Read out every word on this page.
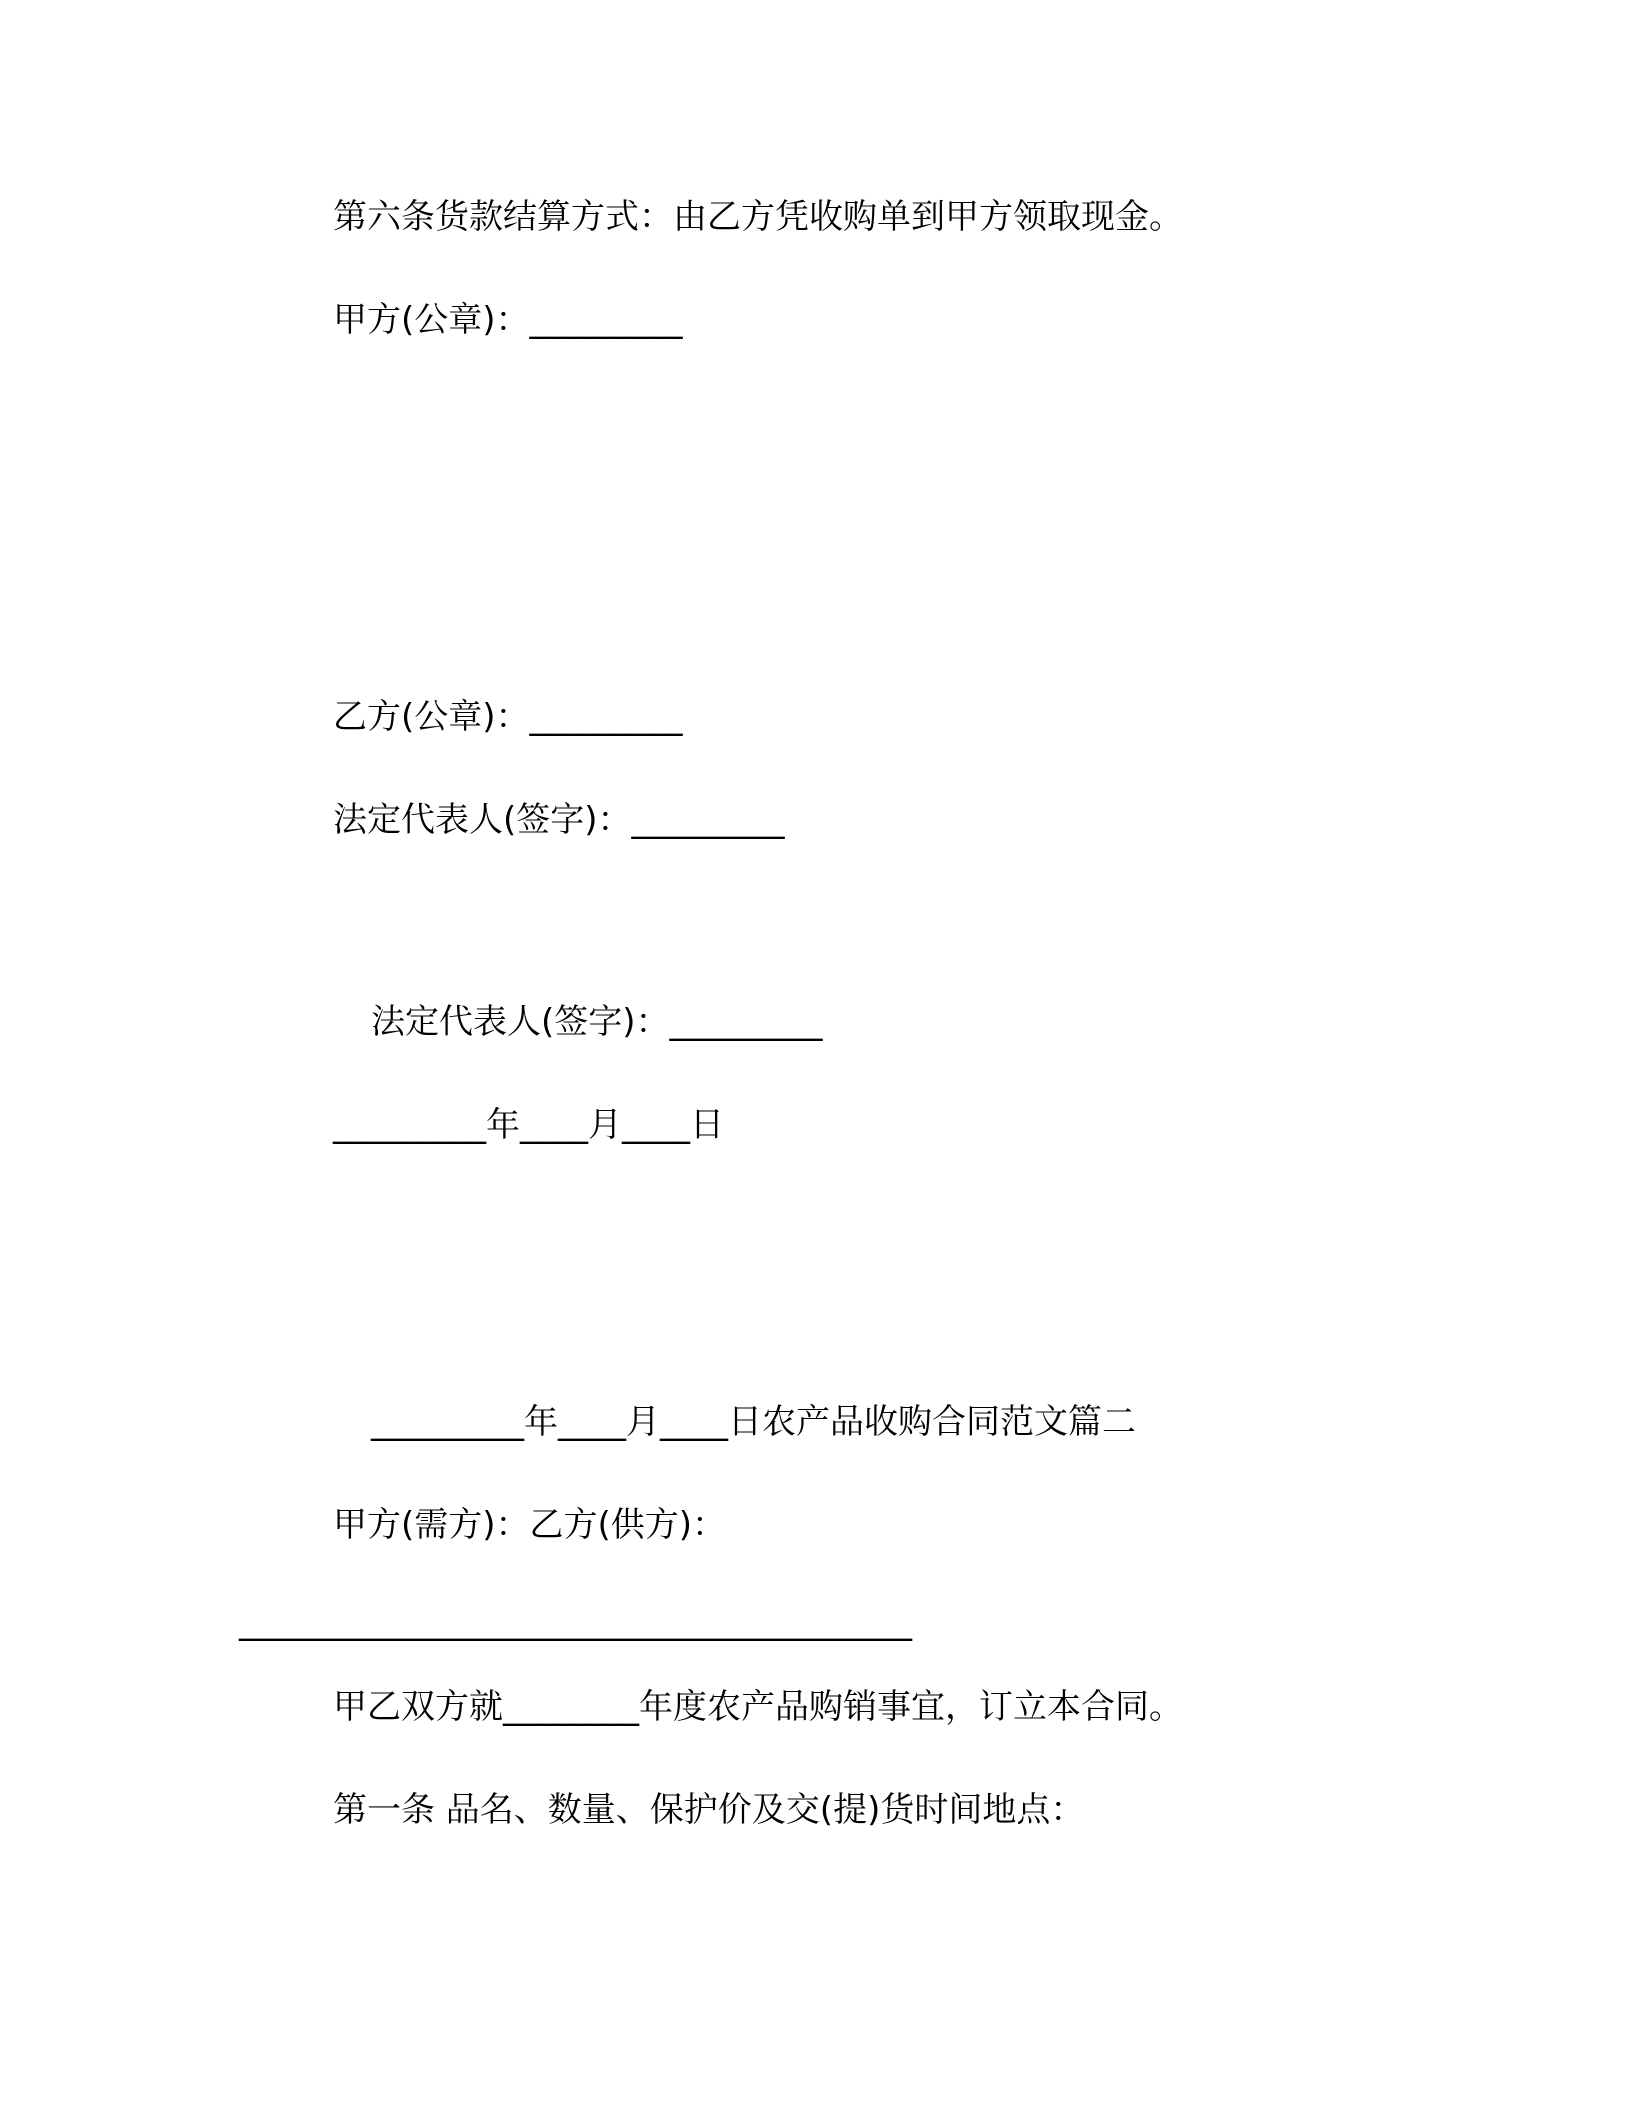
第六条货款结算方式：由乙方凭收购单到甲方领取现金。
甲方(公章)：_________
乙方(公章)：_________
法定代表人(签字)：_________
法定代表人(签字)：_________
_________年____月____日
_________年____月____日农产品收购合同范文篇二
甲方(需方)：乙方(供方)：
__________________________________________
甲乙双方就________年度农产品购销事宜，订立本合同。
第一条 品名、数量、保护价及交(提)货时间地点：
